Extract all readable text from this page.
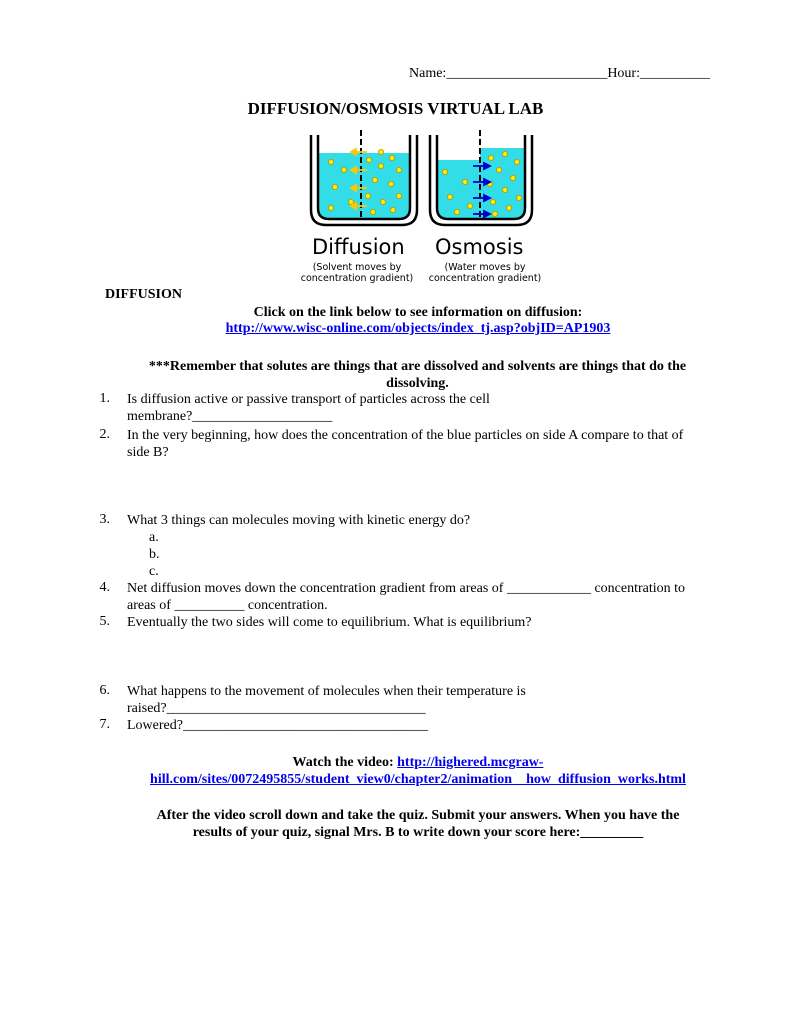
Name:_______________________Hour:__________
DIFFUSION/OSMOSIS VIRTUAL LAB
Diffusion
(Solvent moves by
concentration gradient)
Osmosis
(Water moves by
concentration gradient)
DIFFUSION
Click on the link below to see information on diffusion:
http://www.wisc-online.com/objects/index_tj.asp?objID=AP1903
***Remember that solutes are things that are dissolved and solvents are things that do the
dissolving.
1. Is diffusion active or passive transport of particles across the cell
membrane?____________________
2. In the very beginning, how does the concentration of the blue particles on side A compare to that of
side B?
3. What 3 things can molecules moving with kinetic energy do?
a.
b.
c.
4. Net diffusion moves down the concentration gradient from areas of ____________ concentration to
areas of __________ concentration.
5. Eventually the two sides will come to equilibrium. What is equilibrium?
6. What happens to the movement of molecules when their temperature is
raised?_____________________________________
7. Lowered?___________________________________
Watch the video: http://highered.mcgraw-
hill.com/sites/0072495855/student_view0/chapter2/animation__how_diffusion_works.html
After the video scroll down and take the quiz. Submit your answers. When you have the
results of your quiz, signal Mrs. B to write down your score here:_________
